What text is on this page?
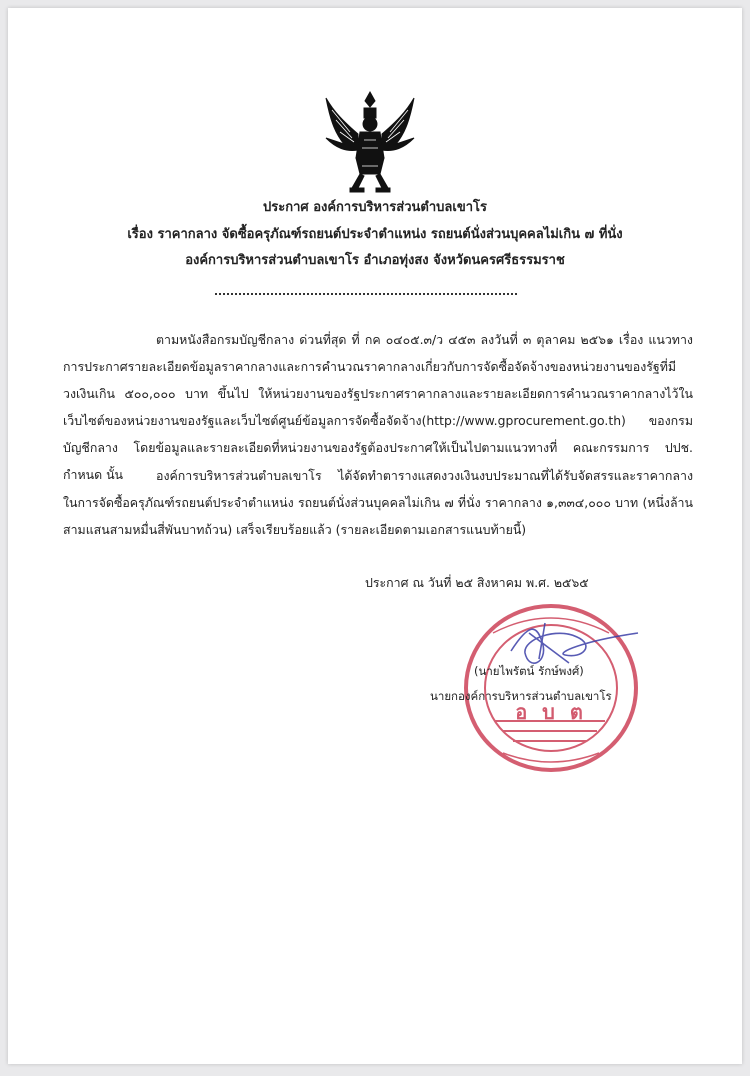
ประกาศ องค์การบริหารส่วนตำบลเขาโร
เรื่อง ราคากลาง จัดซื้อครุภัณฑ์รถยนต์ประจำตำแหน่ง รถยนต์นั่งส่วนบุคคลไม่เกิน ๗ ที่นั่ง
องค์การบริหารส่วนตำบลเขาโร อำเภอทุ่งสง จังหวัดนครศรีธรรมราช

ตามหนังสือกรมบัญชีกลาง ด่วนที่สุด ที่ กค ๐๔๐๕.๓/ว ๔๕๓ ลงวันที่ ๓ ตุลาคม ๒๕๖๑ เรื่อง แนวทางการประกาศรายละเอียดข้อมูลราคากลางและการคำนวณราคากลางเกี่ยวกับการจัดซื้อจัดจ้างของหน่วยงานของรัฐที่มีวงเงินเกิน ๕๐๐,๐๐๐ บาท ขึ้นไป ให้หน่วยงานของรัฐประกาศราคากลางและรายละเอียดการคำนวณราคากลางไว้ในเว็บไซต์ของหน่วยงานของรัฐและเว็บไซต์ศูนย์ข้อมูลการจัดซื้อจัดจ้าง(http://www.gprocurement.go.th) ของกรมบัญชีกลาง โดยข้อมูลและรายละเอียดที่หน่วยงานของรัฐต้องประกาศให้เป็นไปตามแนวทางที่ คณะกรรมการ ปปช. กำหนด นั้น	องค์การบริหารส่วนตำบลเขาโร ได้จัดทำตารางแสดงวงเงินงบประมาณที่ได้รับจัดสรรและราคากลาง ในการจัดซื้อครุภัณฑ์รถยนต์ประจำตำแหน่ง รถยนต์นั่งส่วนบุคคลไม่เกิน ๗ ที่นั่ง ราคากลาง ๑,๓๓๔,๐๐๐ บาท (หนึ่งล้านสามแสนสามหมื่นสี่พันบาทถ้วน) เสร็จเรียบร้อยแล้ว (รายละเอียดตามเอกสารแนบท้ายนี้)

ประกาศ ณ วันที่ ๒๕ สิงหาคม พ.ศ. ๒๕๖๕
อ บ ต
(นายไพรัตน์ รักษ์พงศ์)
นายกองค์การบริหารส่วนตำบลเขาโร
